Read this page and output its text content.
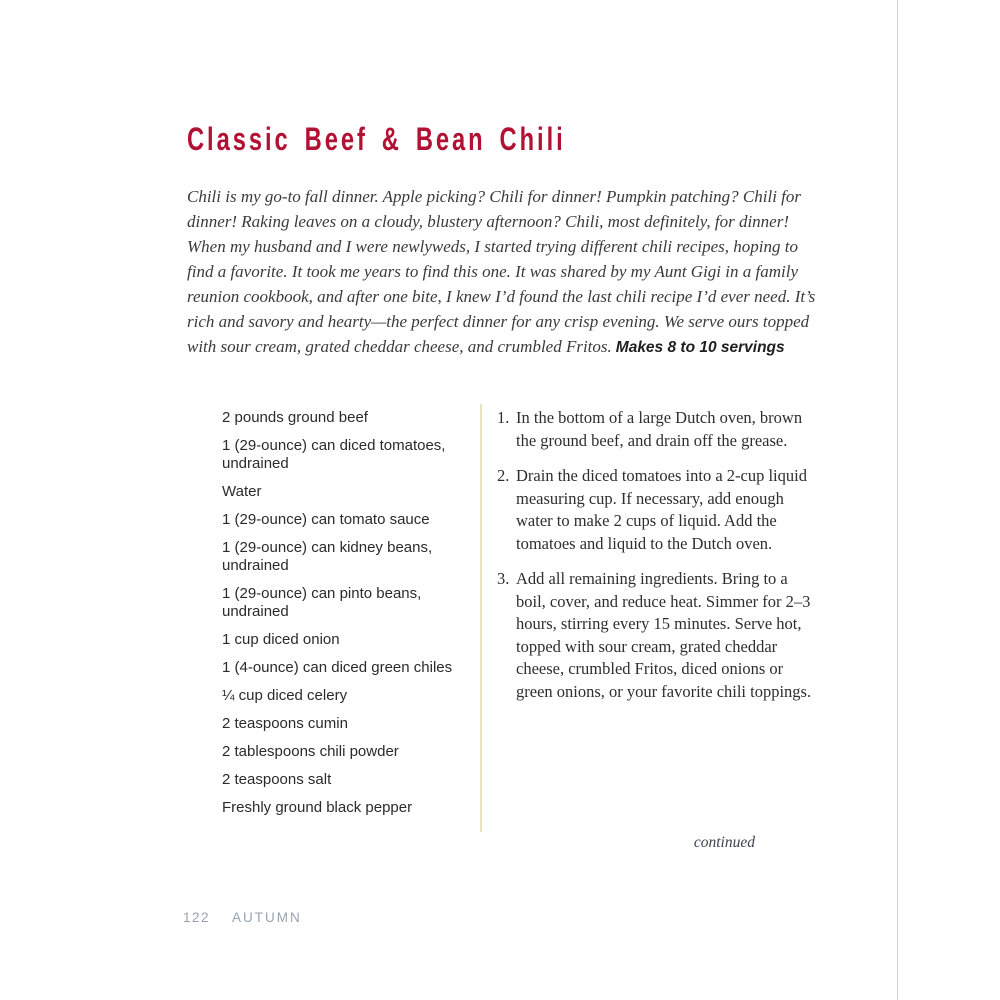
Classic Beef & Bean Chili

Chili is my go-to fall dinner. Apple picking? Chili for dinner! Pumpkin patching? Chili for dinner! Raking leaves on a cloudy, blustery afternoon? Chili, most definitely, for dinner! When my husband and I were newlyweds, I started trying different chili recipes, hoping to find a favorite. It took me years to find this one. It was shared by my Aunt Gigi in a family reunion cookbook, and after one bite, I knew I’d found the last chili recipe I’d ever need. It’s rich and savory and hearty—the perfect dinner for any crisp evening. We serve ours topped with sour cream, grated cheddar cheese, and crumbled Fritos. Makes 8 to 10 servings

2 pounds ground beef

1 (29-ounce) can diced tomatoes, undrained

Water

1 (29-ounce) can tomato sauce

1 (29-ounce) can kidney beans, undrained

1 (29-ounce) can pinto beans, undrained

1 cup diced onion

1 (4-ounce) can diced green chiles

¼ cup diced celery

2 teaspoons cumin

2 tablespoons chili powder

2 teaspoons salt

Freshly ground black pepper

1. In the bottom of a large Dutch oven, brown the ground beef, and drain off the grease.
2. Drain the diced tomatoes into a 2-cup liquid measuring cup. If necessary, add enough water to make 2 cups of liquid. Add the tomatoes and liquid to the Dutch oven.
3. Add all remaining ingredients. Bring to a boil, cover, and reduce heat. Simmer for 2–3 hours, stirring every 15 minutes. Serve hot, topped with sour cream, grated cheddar cheese, crumbled Fritos, diced onions or green onions, or your favorite chili toppings.
continued
122 AUTUMN
